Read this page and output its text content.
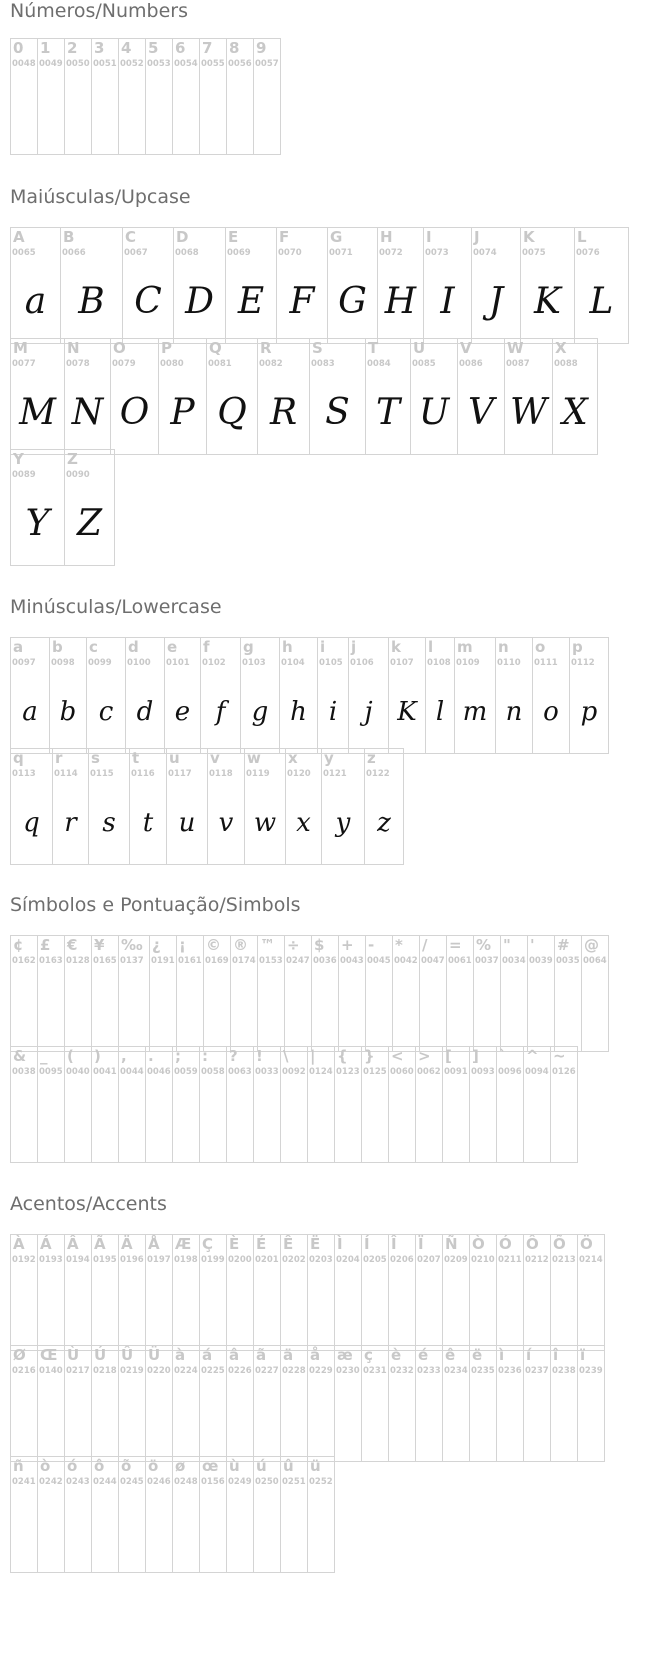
Números/Numbers
0
0048
1
0049
2
0050
3
0051
4
0052
5
0053
6
0054
7
0055
8
0056
9
0057
Maiúsculas/Upcase
A
0065
a
B
0066
B
C
0067
C
D
0068
D
E
0069
E
F
0070
F
G
0071
G
H
0072
H
I
0073
I
J
0074
J
K
0075
K
L
0076
L
M
0077
M
N
0078
N
O
0079
O
P
0080
P
Q
0081
Q
R
0082
R
S
0083
S
T
0084
T
U
0085
U
V
0086
V
W
0087
W
X
0088
X
Y
0089
Y
Z
0090
Z
Minúsculas/Lowercase
a
0097
a
b
0098
b
c
0099
c
d
0100
d
e
0101
e
f
0102
f
g
0103
g
h
0104
h
i
0105
i
j
0106
j
k
0107
K
l
0108
l
m
0109
m
n
0110
n
o
0111
o
p
0112
p
q
0113
q
r
0114
r
s
0115
s
t
0116
t
u
0117
u
v
0118
v
w
0119
w
x
0120
x
y
0121
y
z
0122
z
Símbolos e Pontuação/Simbols
¢
0162
£
0163
€
0128
¥
0165
‰
0137
¿
0191
¡
0161
©
0169
®
0174
™
0153
÷
0247
$
0036
+
0043
-
0045
*
0042
/
0047
=
0061
%
0037
"
0034
'
0039
#
0035
@
0064
&
0038
_
0095
(
0040
)
0041
,
0044
.
0046
;
0059
:
0058
?
0063
!
0033
\
0092
|
0124
{
0123
}
0125
<
0060
>
0062
[
0091
]
0093
`
0096
^
0094
~
0126
Acentos/Accents
À
0192
Á
0193
Â
0194
Ã
0195
Ä
0196
Å
0197
Æ
0198
Ç
0199
È
0200
É
0201
Ê
0202
Ë
0203
Ì
0204
Í
0205
Î
0206
Ï
0207
Ñ
0209
Ò
0210
Ó
0211
Ô
0212
Õ
0213
Ö
0214
Ø
0216
Œ
0140
Ù
0217
Ú
0218
Û
0219
Ü
0220
à
0224
á
0225
â
0226
ã
0227
ä
0228
å
0229
æ
0230
ç
0231
è
0232
é
0233
ê
0234
ë
0235
ì
0236
í
0237
î
0238
ï
0239
ñ
0241
ò
0242
ó
0243
ô
0244
õ
0245
ö
0246
ø
0248
œ
0156
ù
0249
ú
0250
û
0251
ü
0252
